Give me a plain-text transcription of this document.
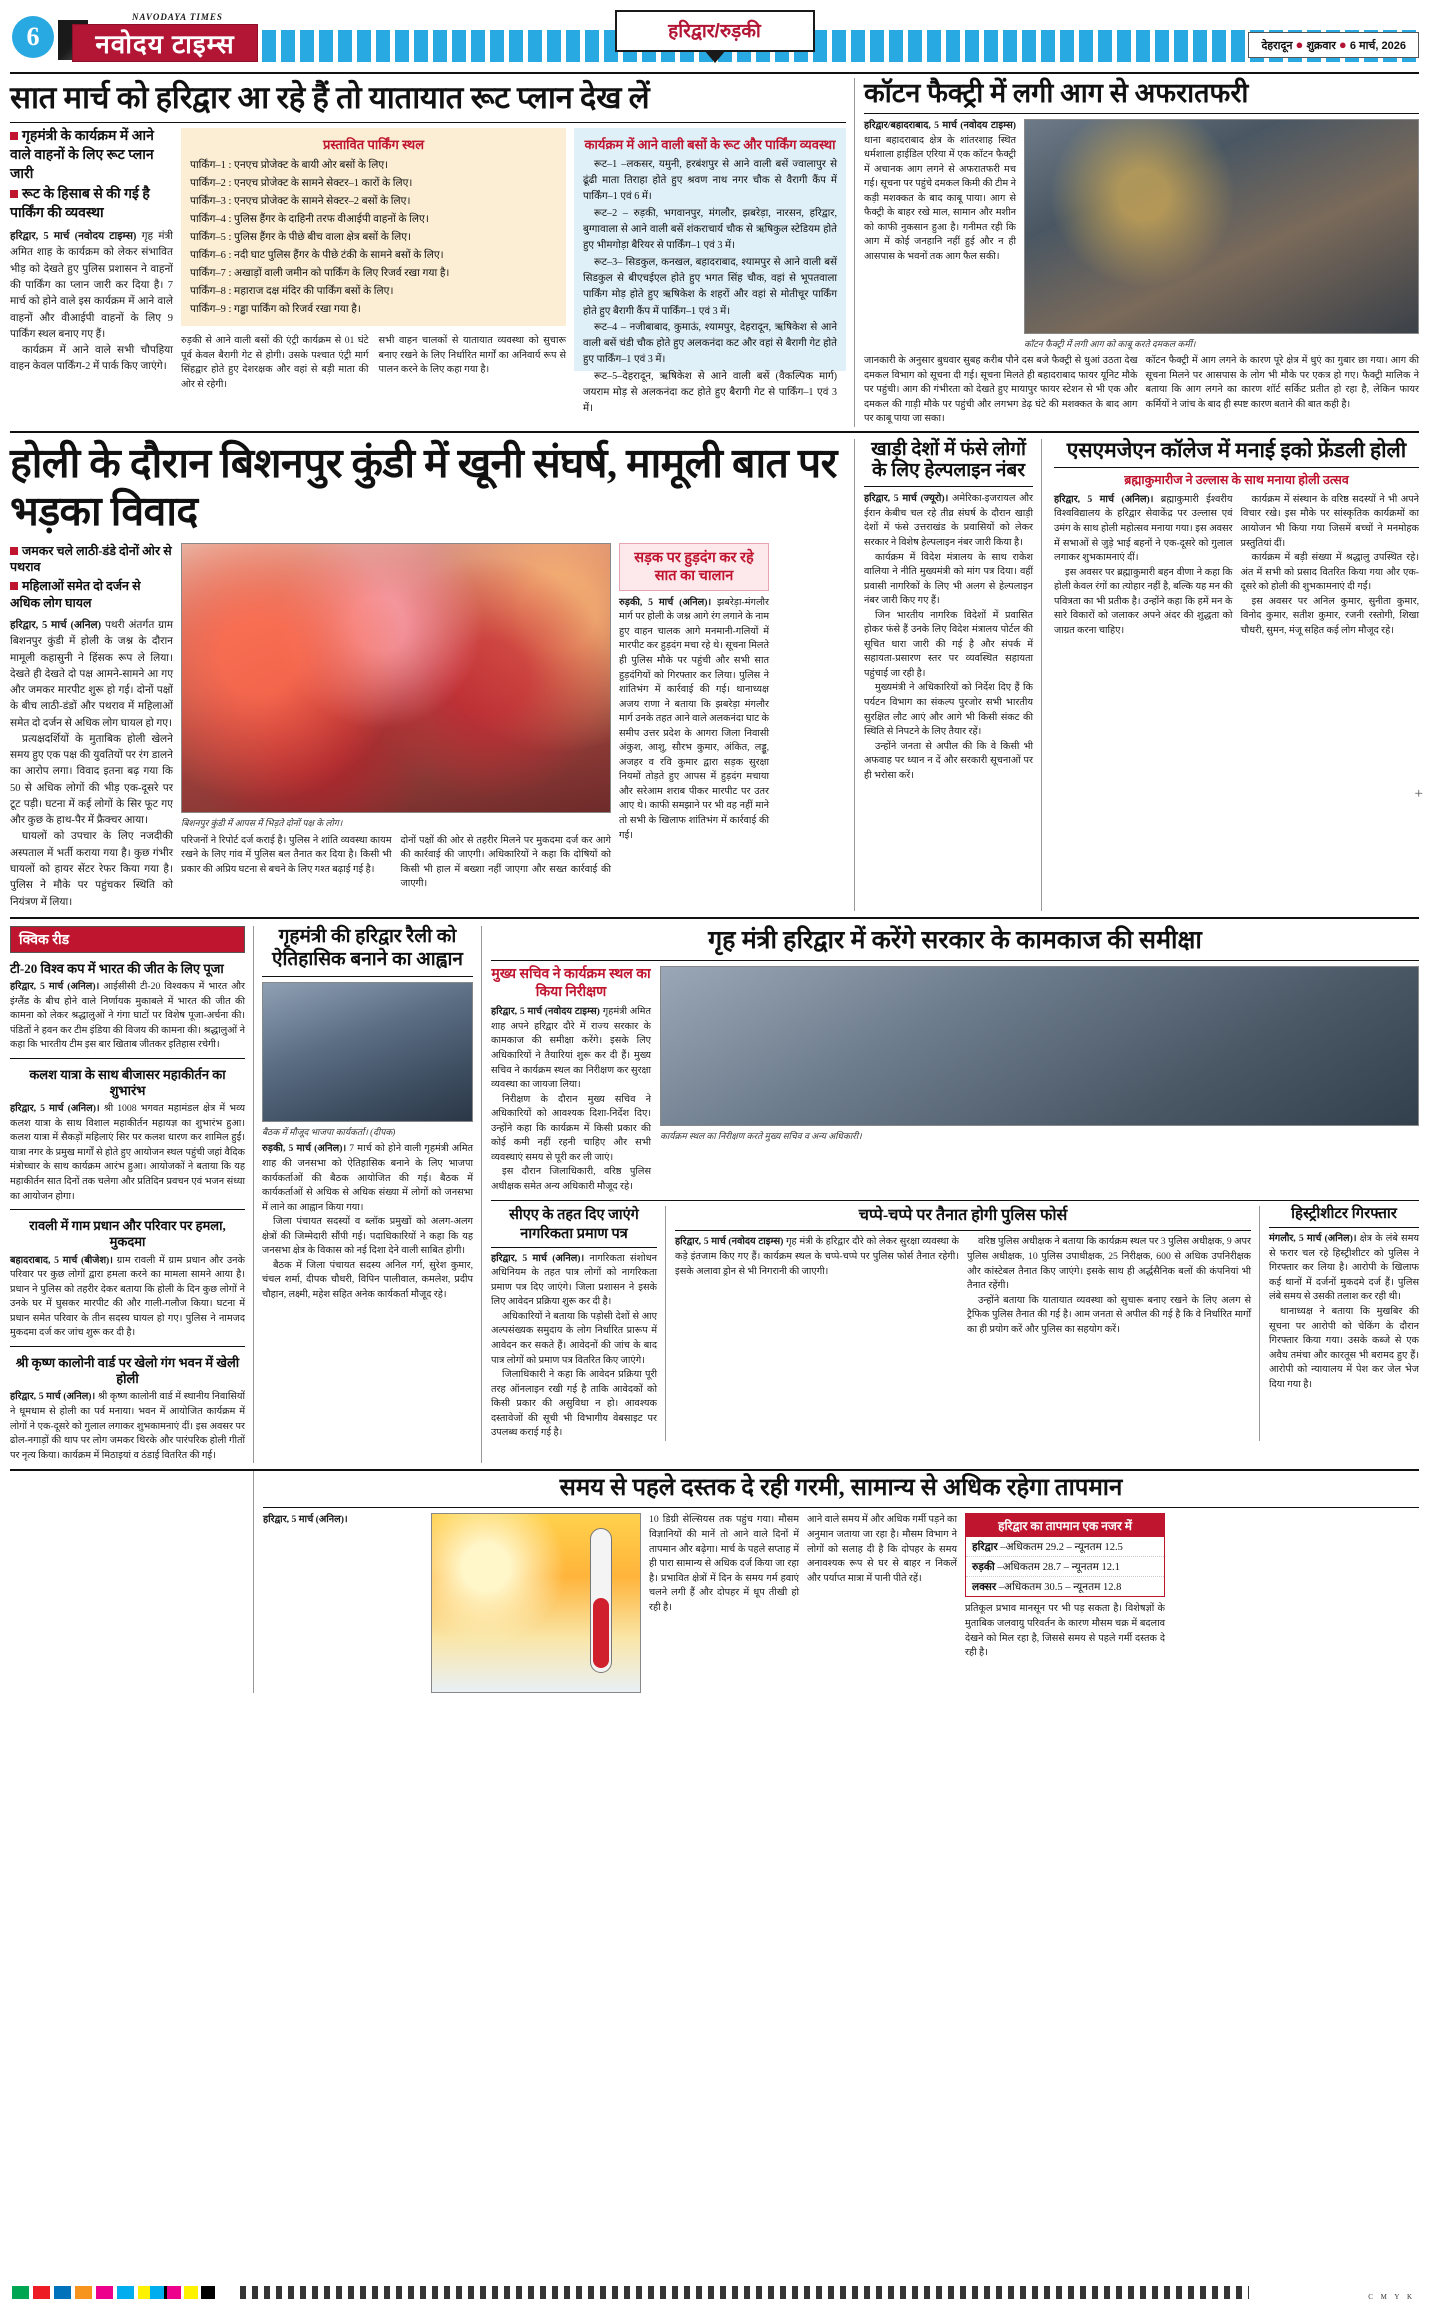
6
NAVODAYA TIMES
नवोदय टाइम्स	हरिद्वार/रुड़की
देहरादून ● शुक्रवार ● 6 मार्च, 2026
सात मार्च को हरिद्वार आ रहे हैं तो यातायात रूट प्लान देख लें
गृहमंत्री के कार्यक्रम में आने वाले वाहनों के लिए रूट प्लान जारी
रूट के हिसाब से की गई है पार्किंग की व्यवस्था
हरिद्वार, 5 मार्च (नवोदय टाइम्स) गृह मंत्री अमित शाह के कार्यक्रम को लेकर संभावित भीड़ को देखते हुए पुलिस प्रशासन ने वाहनों की पार्किंग का प्लान जारी कर दिया है। 7 मार्च को होने वाले इस कार्यक्रम में आने वाले वाहनों और वीआईपी वाहनों के लिए 9 पार्किंग स्थल बनाए गए हैं।
कार्यक्रम में आने वाले सभी चौपहिया वाहन केवल पार्किंग-2 में पार्क किए जाएंगे।
प्रस्तावित पार्किंग स्थल
पार्किंग–1 : एनएच प्रोजेक्ट के बायी ओर बसों के लिए।
पार्किंग–2 : एनएच प्रोजेक्ट के सामने सेक्टर–1 कारों के लिए।
पार्किंग–3 : एनएच प्रोजेक्ट के सामने सेक्टर–2 बसों के लिए।
पार्किंग–4 : पुलिस हैंगर के दाहिनी तरफ वीआईपी वाहनों के लिए।
पार्किंग–5 : पुलिस हैंगर के पीछे बीच वाला क्षेत्र बसों के लिए।
पार्किंग–6 : नदी घाट पुलिस हैंगर के पीछे टंकी के सामने बसों के लिए।
पार्किंग–7 : अखाड़ों वाली जमीन को पार्किंग के लिए रिजर्व रखा गया है।
पार्किंग–8 : महाराज दक्ष मंदिर की पार्किंग बसों के लिए।
पार्किंग–9 : गड्ढा पार्किंग को रिजर्व रखा गया है।
रुड़की से आने वाली बसों की एंट्री कार्यक्रम से 01 घंटे पूर्व केवल बैरागी गेट से होगी। उसके पश्चात एंट्री मार्ग सिंहद्वार होते हुए देशरक्षक और वहां से बड़ी माता की ओर से रहेगी।
सभी वाहन चालकों से यातायात व्यवस्था को सुचारू बनाए रखने के लिए निर्धारित मार्गों का अनिवार्य रूप से पालन करने के लिए कहा गया है।
कार्यक्रम में आने वाली बसों के रूट और पार्किंग व्यवस्था
रूट–1 –लकसर, यमुनी, हरबंशपुर से आने वाली बसें ज्वालापुर से ढूंढी माता तिराहा होते हुए श्रवण नाथ नगर चौक से वैरागी कैंप में पार्किंग–1 एवं 6 में।
रूट–2 – रुड़की, भगवानपुर, मंगलौर, झबरेड़ा, नारसन, हरिद्वार, बुग्गावाला से आने वाली बसें शंकराचार्य चौक से ऋषिकुल स्टेडियम होते हुए भीमगोड़ा बैरियर से पार्किंग–1 एवं 3 में।
रूट–3– सिडकुल, कनखल, बहादराबाद, श्यामपुर से आने वाली बसें सिडकुल से बीएचईएल होते हुए भगत सिंह चौक, वहां से भूपतवाला पार्किंग मोड़ होते हुए ऋषिकेश के शहरों और वहां से मोतीचूर पार्किंग होते हुए बैरागी कैंप में पार्किंग–1 एवं 3 में।
रूट–4 – नजीबाबाद, कुमाऊं, श्यामपुर, देहरादून, ऋषिकेश से आने वाली बसें चंडी चौक होते हुए अलकनंदा कट और वहां से बैरागी गेट होते हुए पार्किंग–1 एवं 3 में।
रूट–5–देहरादून, ऋषिकेश से आने वाली बसें (वैकल्पिक मार्ग) जयराम मोड़ से अलकनंदा कट होते हुए बैरागी गेट से पार्किंग–1 एवं 3 में।
कॉटन फैक्ट्री में लगी आग से अफरातफरी
हरिद्वार/बहादराबाद, 5 मार्च (नवोदय टाइम्स) थाना बहादराबाद क्षेत्र के शांतरशाह स्थित धर्मशाला हाईडिल एरिया में एक कॉटन फैक्ट्री में अचानक आग लगने से अफरातफरी मच गई। सूचना पर पहुंचे दमकल किमी की टीम ने कड़ी मशक्कत के बाद काबू पाया। आग से फैक्ट्री के बाहर रखे माल, सामान और मशीन को काफी नुकसान हुआ है। गनीमत रही कि आग में कोई जनहानि नहीं हुई और न ही आसपास के भवनों तक आग फैल सकी।
कॉटन फैक्ट्री में लगी आग को काबू करते दमकल कर्मी।
जानकारी के अनुसार बुधवार सुबह करीब पौने दस बजे फैक्ट्री से धुआं उठता देख दमकल विभाग को सूचना दी गई। सूचना मिलते ही बहादराबाद फायर यूनिट मौके पर पहुंची। आग की गंभीरता को देखते हुए मायापुर फायर स्टेशन से भी एक और दमकल की गाड़ी मौके पर पहुंची और लगभग डेढ़ घंटे की मशक्कत के बाद आग पर काबू पाया जा सका।
कॉटन फैक्ट्री में आग लगने के कारण पूरे क्षेत्र में धुएं का गुबार छा गया। आग की सूचना मिलने पर आसपास के लोग भी मौके पर एकत्र हो गए। फैक्ट्री मालिक ने बताया कि आग लगने का कारण शॉर्ट सर्किट प्रतीत हो रहा है, लेकिन फायर कर्मियों ने जांच के बाद ही स्पष्ट कारण बताने की बात कही है।
होली के दौरान बिशनपुर कुंडी में खूनी संघर्ष, मामूली बात पर भड़का विवाद
जमकर चले लाठी-डंडे दोनों ओर से पथराव
महिलाओं समेत दो दर्जन से अधिक लोग घायल
हरिद्वार, 5 मार्च (अनिल) पथरी अंतर्गत ग्राम बिशनपुर कुंडी में होली के जश्न के दौरान मामूली कहासुनी ने हिंसक रूप ले लिया। देखते ही देखते दो पक्ष आमने-सामने आ गए और जमकर मारपीट शुरू हो गई। दोनों पक्षों के बीच लाठी-डंडों और पथराव में महिलाओं समेत दो दर्जन से अधिक लोग घायल हो गए।
प्रत्यक्षदर्शियों के मुताबिक होली खेलने समय हुए एक पक्ष की युवतियों पर रंग डालने का आरोप लगा। विवाद इतना बढ़ गया कि 50 से अधिक लोगों की भीड़ एक-दूसरे पर टूट पड़ी। घटना में कई लोगों के सिर फूट गए और कुछ के हाथ-पैर में फ्रैक्चर आया।
घायलों को उपचार के लिए नजदीकी अस्पताल में भर्ती कराया गया है। कुछ गंभीर घायलों को हायर सेंटर रेफर किया गया है। पुलिस ने मौके पर पहुंचकर स्थिति को नियंत्रण में लिया।
बिशनपुर कुंडी में आपस में भिड़ते दोनों पक्ष के लोग।
परिजनों ने रिपोर्ट दर्ज कराई है। पुलिस ने शांति व्यवस्था कायम रखने के लिए गांव में पुलिस बल तैनात कर दिया है। किसी भी प्रकार की अप्रिय घटना से बचने के लिए गश्त बढ़ाई गई है।
दोनों पक्षों की ओर से तहरीर मिलने पर मुकदमा दर्ज कर आगे की कार्रवाई की जाएगी। अधिकारियों ने कहा कि दोषियों को किसी भी हाल में बख्शा नहीं जाएगा और सख्त कार्रवाई की जाएगी।
सड़क पर हुड़दंग कर रहे सात का चालान
रुड़की, 5 मार्च (अनिल)। झबरेड़ा-मंगलौर मार्ग पर होली के जश्न आगे रंग लगाने के नाम हुए वाहन चालक आगे मनमानी-गलियों में मारपीट कर हुड़दंग मचा रहे थे। सूचना मिलते ही पुलिस मौके पर पहुंची और सभी सात हुड़दंगियों को गिरफ्तार कर लिया। पुलिस ने शांतिभंग में कार्रवाई की गई। थानाध्यक्ष अजय राणा ने बताया कि झबरेड़ा मंगलौर मार्ग उनके तहत आने वाले अलकनंदा घाट के समीप उत्तर प्रदेश के आगरा जिला निवासी अंकुश, आशु, सौरभ कुमार, अंकित, लड्डू, अजहर व रवि कुमार द्वारा सड़क सुरक्षा नियमों तोड़ते हुए आपस में हुड़दंग मचाया और सरेआम शराब पीकर मारपीट पर उतर आए थे। काफी समझाने पर भी वह नहीं माने तो सभी के खिलाफ शांतिभंग में कार्रवाई की गई।
खाड़ी देशों में फंसे लोगों के लिए हेल्पलाइन नंबर
हरिद्वार, 5 मार्च (ज्यूरो)। अमेरिका-इजरायल और ईरान केबीच चल रहे तीव्र संघर्ष के दौरान खाड़ी देशों में फंसे उत्तराखंड के प्रवासियों को लेकर सरकार ने विशेष हेल्पलाइन नंबर जारी किया है।
कार्यक्रम में विदेश मंत्रालय के साथ राकेश वालिया ने नीति मुख्यमंत्री को मांग पत्र दिया। वहीं प्रवासी नागरिकों के लिए भी अलग से हेल्पलाइन नंबर जारी किए गए हैं।
जिन भारतीय नागरिक विदेशों में प्रवासित होकर फंसे हैं उनके लिए विदेश मंत्रालय पोर्टल की सूचित धारा जारी की गई है और संपर्क में सहायता-प्रसारण स्तर पर व्यवस्थित सहायता पहुंचाई जा रही है।
मुख्यमंत्री ने अधिकारियों को निर्देश दिए हैं कि पर्यटन विभाग का संकल्प पुरजोर सभी भारतीय सुरक्षित लौट आएं और आगे भी किसी संकट की स्थिति से निपटने के लिए तैयार रहें।
उन्होंने जनता से अपील की कि वे किसी भी अफवाह पर ध्यान न दें और सरकारी सूचनाओं पर ही भरोसा करें।
एसएमजेएन कॉलेज में मनाई इको फ्रेंडली होली
ब्रह्माकुमारीज ने उल्लास के साथ मनाया होली उत्सव
हरिद्वार, 5 मार्च (अनिल)। ब्रह्माकुमारी ईश्वरीय विश्वविद्यालय के हरिद्वार सेवाकेंद्र पर उल्लास एवं उमंग के साथ होली महोत्सव मनाया गया। इस अवसर में सभाओं से जुड़े भाई बहनों ने एक-दूसरे को गुलाल लगाकर शुभकामनाएं दीं।
इस अवसर पर ब्रह्माकुमारी बहन वीणा ने कहा कि होली केवल रंगों का त्योहार नहीं है, बल्कि यह मन की पवित्रता का भी प्रतीक है। उन्होंने कहा कि हमें मन के सारे विकारों को जलाकर अपने अंदर की शुद्धता को जाग्रत करना चाहिए।
कार्यक्रम में संस्थान के वरिष्ठ सदस्यों ने भी अपने विचार रखे। इस मौके पर सांस्कृतिक कार्यक्रमों का आयोजन भी किया गया जिसमें बच्चों ने मनमोहक प्रस्तुतियां दीं।
कार्यक्रम में बड़ी संख्या में श्रद्धालु उपस्थित रहे। अंत में सभी को प्रसाद वितरित किया गया और एक-दूसरे को होली की शुभकामनाएं दी गईं।
इस अवसर पर अनिल कुमार, सुनीता कुमार, विनोद कुमार, सतीश कुमार, रजनी रस्तोगी, शिखा चौधरी, सुमन, मंजू सहित कई लोग मौजूद रहे।
क्विक रीड
टी-20 विश्व कप में भारत की जीत के लिए पूजा
हरिद्वार, 5 मार्च (अनिल)। आईसीसी टी-20 विश्वकप में भारत और इंग्लैंड के बीच होने वाले निर्णायक मुकाबले में भारत की जीत की कामना को लेकर श्रद्धालुओं ने गंगा घाटों पर विशेष पूजा-अर्चना की। पंडितों ने हवन कर टीम इंडिया की विजय की कामना की। श्रद्धालुओं ने कहा कि भारतीय टीम इस बार खिताब जीतकर इतिहास रचेगी।
कलश यात्रा के साथ बीजासर महाकीर्तन का शुभारंभ
हरिद्वार, 5 मार्च (अनिल)। श्री 1008 भगवत महामंडल क्षेत्र में भव्य कलश यात्रा के साथ विशाल महाकीर्तन महायज्ञ का शुभारंभ हुआ। कलश यात्रा में सैकड़ों महिलाएं सिर पर कलश धारण कर शामिल हुईं। यात्रा नगर के प्रमुख मार्गों से होते हुए आयोजन स्थल पहुंची जहां वैदिक मंत्रोच्चार के साथ कार्यक्रम आरंभ हुआ। आयोजकों ने बताया कि यह महाकीर्तन सात दिनों तक चलेगा और प्रतिदिन प्रवचन एवं भजन संध्या का आयोजन होगा।
रावली में गाम प्रधान और परिवार पर हमला, मुकदमा
बहादराबाद, 5 मार्च (बीजेश)। ग्राम रावली में ग्राम प्रधान और उनके परिवार पर कुछ लोगों द्वारा हमला करने का मामला सामने आया है। प्रधान ने पुलिस को तहरीर देकर बताया कि होली के दिन कुछ लोगों ने उनके घर में घुसकर मारपीट की और गाली-गलौज किया। घटना में प्रधान समेत परिवार के तीन सदस्य घायल हो गए। पुलिस ने नामजद मुकदमा दर्ज कर जांच शुरू कर दी है।
श्री कृष्ण कालोनी वार्ड पर खेलो गंग भवन में खेली होली
हरिद्वार, 5 मार्च (अनिल)। श्री कृष्ण कालोनी वार्ड में स्थानीय निवासियों ने धूमधाम से होली का पर्व मनाया। भवन में आयोजित कार्यक्रम में लोगों ने एक-दूसरे को गुलाल लगाकर शुभकामनाएं दीं। इस अवसर पर ढोल-नगाड़ों की थाप पर लोग जमकर थिरके और पारंपरिक होली गीतों पर नृत्य किया। कार्यक्रम में मिठाइयां व ठंडाई वितरित की गई।
गृहमंत्री की हरिद्वार रैली को ऐतिहासिक बनाने का आह्वान
बैठक में मौजूद भाजपा कार्यकर्ता। (दीपक)
रुड़की, 5 मार्च (अनिल)। 7 मार्च को होने वाली गृहमंत्री अमित शाह की जनसभा को ऐतिहासिक बनाने के लिए भाजपा कार्यकर्ताओं की बैठक आयोजित की गई। बैठक में कार्यकर्ताओं से अधिक से अधिक संख्या में लोगों को जनसभा में लाने का आह्वान किया गया।
जिला पंचायत सदस्यों व ब्लॉक प्रमुखों को अलग-अलग क्षेत्रों की जिम्मेदारी सौंपी गई। पदाधिकारियों ने कहा कि यह जनसभा क्षेत्र के विकास को नई दिशा देने वाली साबित होगी।
बैठक में जिला पंचायत सदस्य अनिल गर्ग, सुरेश कुमार, चंचल शर्मा, दीपक चौधरी, विपिन पालीवाल, कमलेश, प्रदीप चौहान, लक्ष्मी, महेश सहित अनेक कार्यकर्ता मौजूद रहे।
गृह मंत्री हरिद्वार में करेंगे सरकार के कामकाज की समीक्षा
मुख्य सचिव ने कार्यक्रम स्थल का किया निरीक्षण
हरिद्वार, 5 मार्च (नवोदय टाइम्स) गृहमंत्री अमित शाह अपने हरिद्वार दौरे में राज्य सरकार के कामकाज की समीक्षा करेंगे। इसके लिए अधिकारियों ने तैयारियां शुरू कर दी हैं। मुख्य सचिव ने कार्यक्रम स्थल का निरीक्षण कर सुरक्षा व्यवस्था का जायजा लिया।
निरीक्षण के दौरान मुख्य सचिव ने अधिकारियों को आवश्यक दिशा-निर्देश दिए। उन्होंने कहा कि कार्यक्रम में किसी प्रकार की कोई कमी नहीं रहनी चाहिए और सभी व्यवस्थाएं समय से पूरी कर ली जाएं।
इस दौरान जिलाधिकारी, वरिष्ठ पुलिस अधीक्षक समेत अन्य अधिकारी मौजूद रहे।
कार्यक्रम स्थल का निरीक्षण करते मुख्य सचिव व अन्य अधिकारी।
सीएए के तहत दिए जाएंगे नागरिकता प्रमाण पत्र
हरिद्वार, 5 मार्च (अनिल)। नागरिकता संशोधन अधिनियम के तहत पात्र लोगों को नागरिकता प्रमाण पत्र दिए जाएंगे। जिला प्रशासन ने इसके लिए आवेदन प्रक्रिया शुरू कर दी है।
अधिकारियों ने बताया कि पड़ोसी देशों से आए अल्पसंख्यक समुदाय के लोग निर्धारित प्रारूप में आवेदन कर सकते हैं। आवेदनों की जांच के बाद पात्र लोगों को प्रमाण पत्र वितरित किए जाएंगे।
जिलाधिकारी ने कहा कि आवेदन प्रक्रिया पूरी तरह ऑनलाइन रखी गई है ताकि आवेदकों को किसी प्रकार की असुविधा न हो। आवश्यक दस्तावेजों की सूची भी विभागीय वेबसाइट पर उपलब्ध कराई गई है।
चप्पे-चप्पे पर तैनात होगी पुलिस फोर्स
हरिद्वार, 5 मार्च (नवोदय टाइम्स) गृह मंत्री के हरिद्वार दौरे को लेकर सुरक्षा व्यवस्था के कड़े इंतजाम किए गए हैं। कार्यक्रम स्थल के चप्पे-चप्पे पर पुलिस फोर्स तैनात रहेगी। इसके अलावा ड्रोन से भी निगरानी की जाएगी।
वरिष्ठ पुलिस अधीक्षक ने बताया कि कार्यक्रम स्थल पर 3 पुलिस अधीक्षक, 9 अपर पुलिस अधीक्षक, 10 पुलिस उपाधीक्षक, 25 निरीक्षक, 600 से अधिक उपनिरीक्षक और कांस्टेबल तैनात किए जाएंगे। इसके साथ ही अर्द्धसैनिक बलों की कंपनियां भी तैनात रहेंगी।
उन्होंने बताया कि यातायात व्यवस्था को सुचारू बनाए रखने के लिए अलग से ट्रैफिक पुलिस तैनात की गई है। आम जनता से अपील की गई है कि वे निर्धारित मार्गों का ही प्रयोग करें और पुलिस का सहयोग करें।
हिस्ट्रीशीटर गिरफ्तार
मंगलौर, 5 मार्च (अनिल)। क्षेत्र के लंबे समय से फरार चल रहे हिस्ट्रीशीटर को पुलिस ने गिरफ्तार कर लिया है। आरोपी के खिलाफ कई थानों में दर्जनों मुकदमे दर्ज हैं। पुलिस लंबे समय से उसकी तलाश कर रही थी।
थानाध्यक्ष ने बताया कि मुखबिर की सूचना पर आरोपी को चेकिंग के दौरान गिरफ्तार किया गया। उसके कब्जे से एक अवैध तमंचा और कारतूस भी बरामद हुए हैं। आरोपी को न्यायालय में पेश कर जेल भेज दिया गया है।
समय से पहले दस्तक दे रही गरमी, सामान्य से अधिक रहेगा तापमान
हरिद्वार, 5 मार्च (अनिल)।	10 डिग्री सेल्सियस तक पहुंच गया। मौसम विज्ञानियों की मानें तो आने वाले दिनों में तापमान और बढ़ेगा। मार्च के पहले सप्ताह में ही पारा सामान्य से अधिक दर्ज किया जा रहा है। प्रभावित क्षेत्रों में दिन के समय गर्म हवाएं चलने लगी हैं और दोपहर में धूप तीखी हो रही है।
आने वाले समय में और अधिक गर्मी पड़ने का अनुमान जताया जा रहा है। मौसम विभाग ने लोगों को सलाह दी है कि दोपहर के समय अनावश्यक रूप से घर से बाहर न निकलें और पर्याप्त मात्रा में पानी पीते रहें।
हरिद्वार का तापमान एक नजर में
हरिद्वार –अधिकतम 29.2 – न्यूनतम 12.5
रुड़की –अधिकतम 28.7 – न्यूनतम 12.1
लक्सर –अधिकतम 30.5 – न्यूनतम 12.8
प्रतिकूल प्रभाव मानसून पर भी पड़ सकता है। विशेषज्ञों के मुताबिक जलवायु परिवर्तन के कारण मौसम चक्र में बदलाव देखने को मिल रहा है, जिससे समय से पहले गर्मी दस्तक दे रही है।
C M Y K
+
